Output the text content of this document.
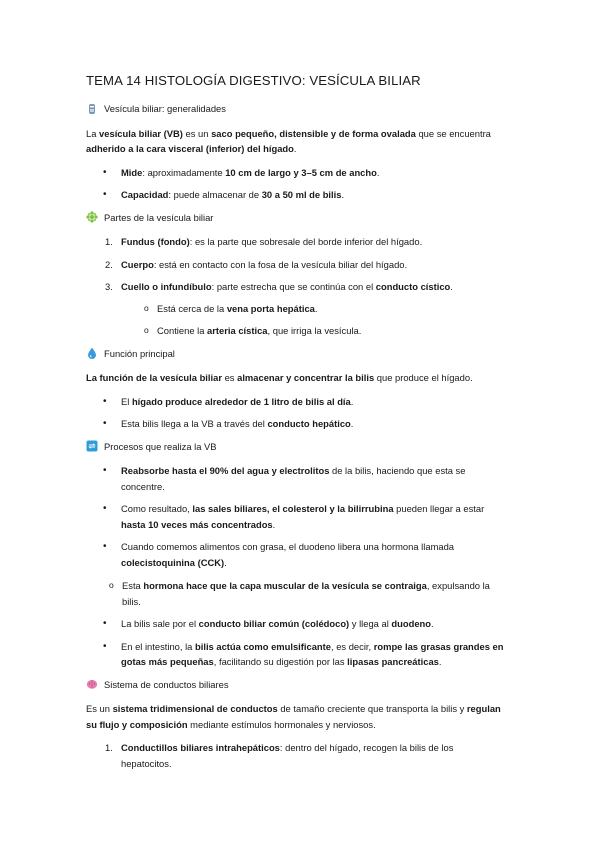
TEMA 14 HISTOLOGÍA DIGESTIVO: VESÍCULA BILIAR
Vesícula biliar: generalidades

La vesícula biliar (VB) es un saco pequeño, distensible y de forma ovalada que se encuentra adherido a la cara visceral (inferior) del hígado.

• Mide: aproximadamente 10 cm de largo y 3–5 cm de ancho.
• Capacidad: puede almacenar de 30 a 50 ml de bilis.
Partes de la vesícula biliar
1. Fundus (fondo): es la parte que sobresale del borde inferior del hígado.
2. Cuerpo: está en contacto con la fosa de la vesícula biliar del hígado.
3. Cuello o infundíbulo: parte estrecha que se continúa con el conducto cístico.
o Está cerca de la vena porta hepática.
o Contiene la arteria cística, que irriga la vesícula.
Función principal

La función de la vesícula biliar es almacenar y concentrar la bilis que produce el hígado.

• El hígado produce alrededor de 1 litro de bilis al día.
• Esta bilis llega a la VB a través del conducto hepático.
Procesos que realiza la VB
• Reabsorbe hasta el 90% del agua y electrolitos de la bilis, haciendo que esta se concentre.
• Como resultado, las sales biliares, el colesterol y la bilirrubina pueden llegar a estar hasta 10 veces más concentrados.
• Cuando comemos alimentos con grasa, el duodeno libera una hormona llamada colecistoquinina (CCK).
o Esta hormona hace que la capa muscular de la vesícula se contraiga, expulsando la bilis.
• La bilis sale por el conducto biliar común (colédoco) y llega al duodeno.
• En el intestino, la bilis actúa como emulsificante, es decir, rompe las grasas grandes en gotas más pequeñas, facilitando su digestión por las lipasas pancreáticas.
Sistema de conductos biliares

Es un sistema tridimensional de conductos de tamaño creciente que transporta la bilis y regulan su flujo y composición mediante estímulos hormonales y nerviosos.

1. Conductillos biliares intrahepáticos: dentro del hígado, recogen la bilis de los hepatocitos.
